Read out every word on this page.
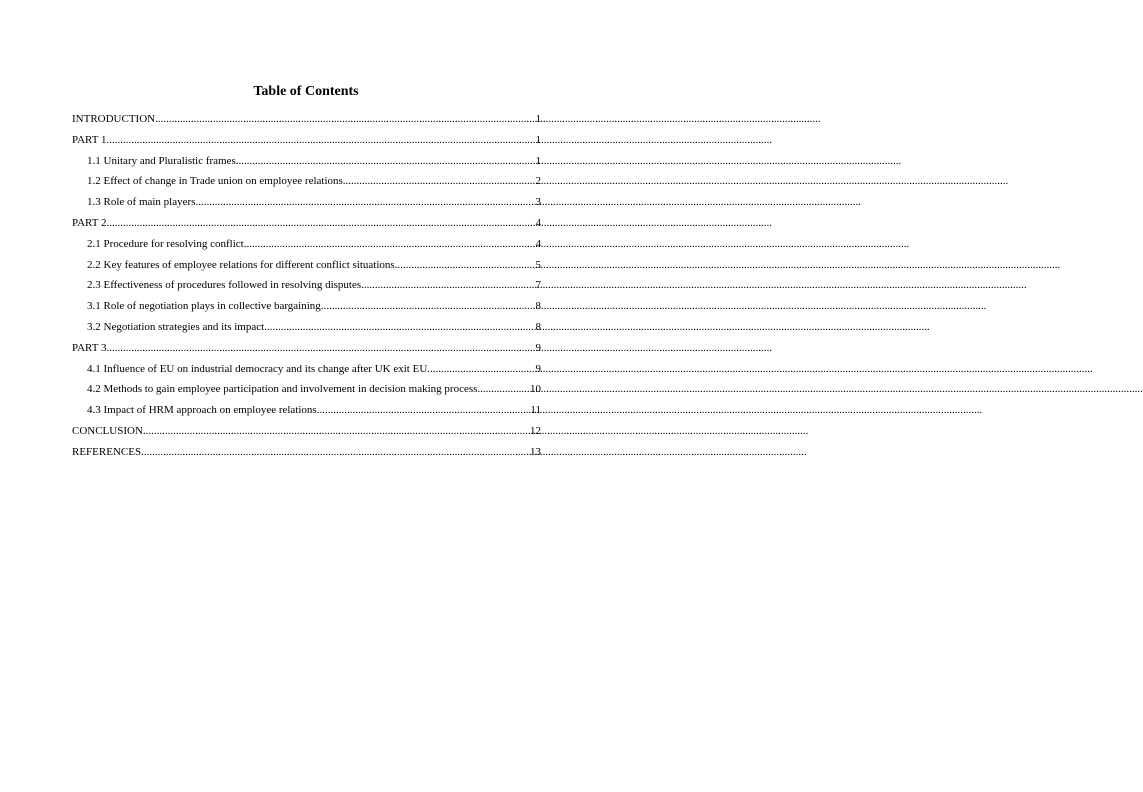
Table of Contents
INTRODUCTION .....	1
PART 1 .....	1
1.1 Unitary and Pluralistic frames .....	1
1.2 Effect of change in Trade union on employee relations .....	2
1.3 Role of main players .....	3
PART 2 .....	4
2.1 Procedure for resolving conflict .....	4
2.2 Key features of employee relations for different conflict situations .....	5
2.3 Effectiveness of procedures followed in resolving disputes .....	7
3.1 Role of negotiation plays in collective bargaining .....	8
3.2 Negotiation strategies and its impact .....	8
PART 3 .....	9
4.1 Influence of EU on industrial democracy and its change after UK exit EU .....	9
4.2 Methods to gain employee participation and involvement in decision making process .....	10
4.3 Impact of HRM approach on employee relations .....	11
CONCLUSION .....	12
REFERENCES .....	13
